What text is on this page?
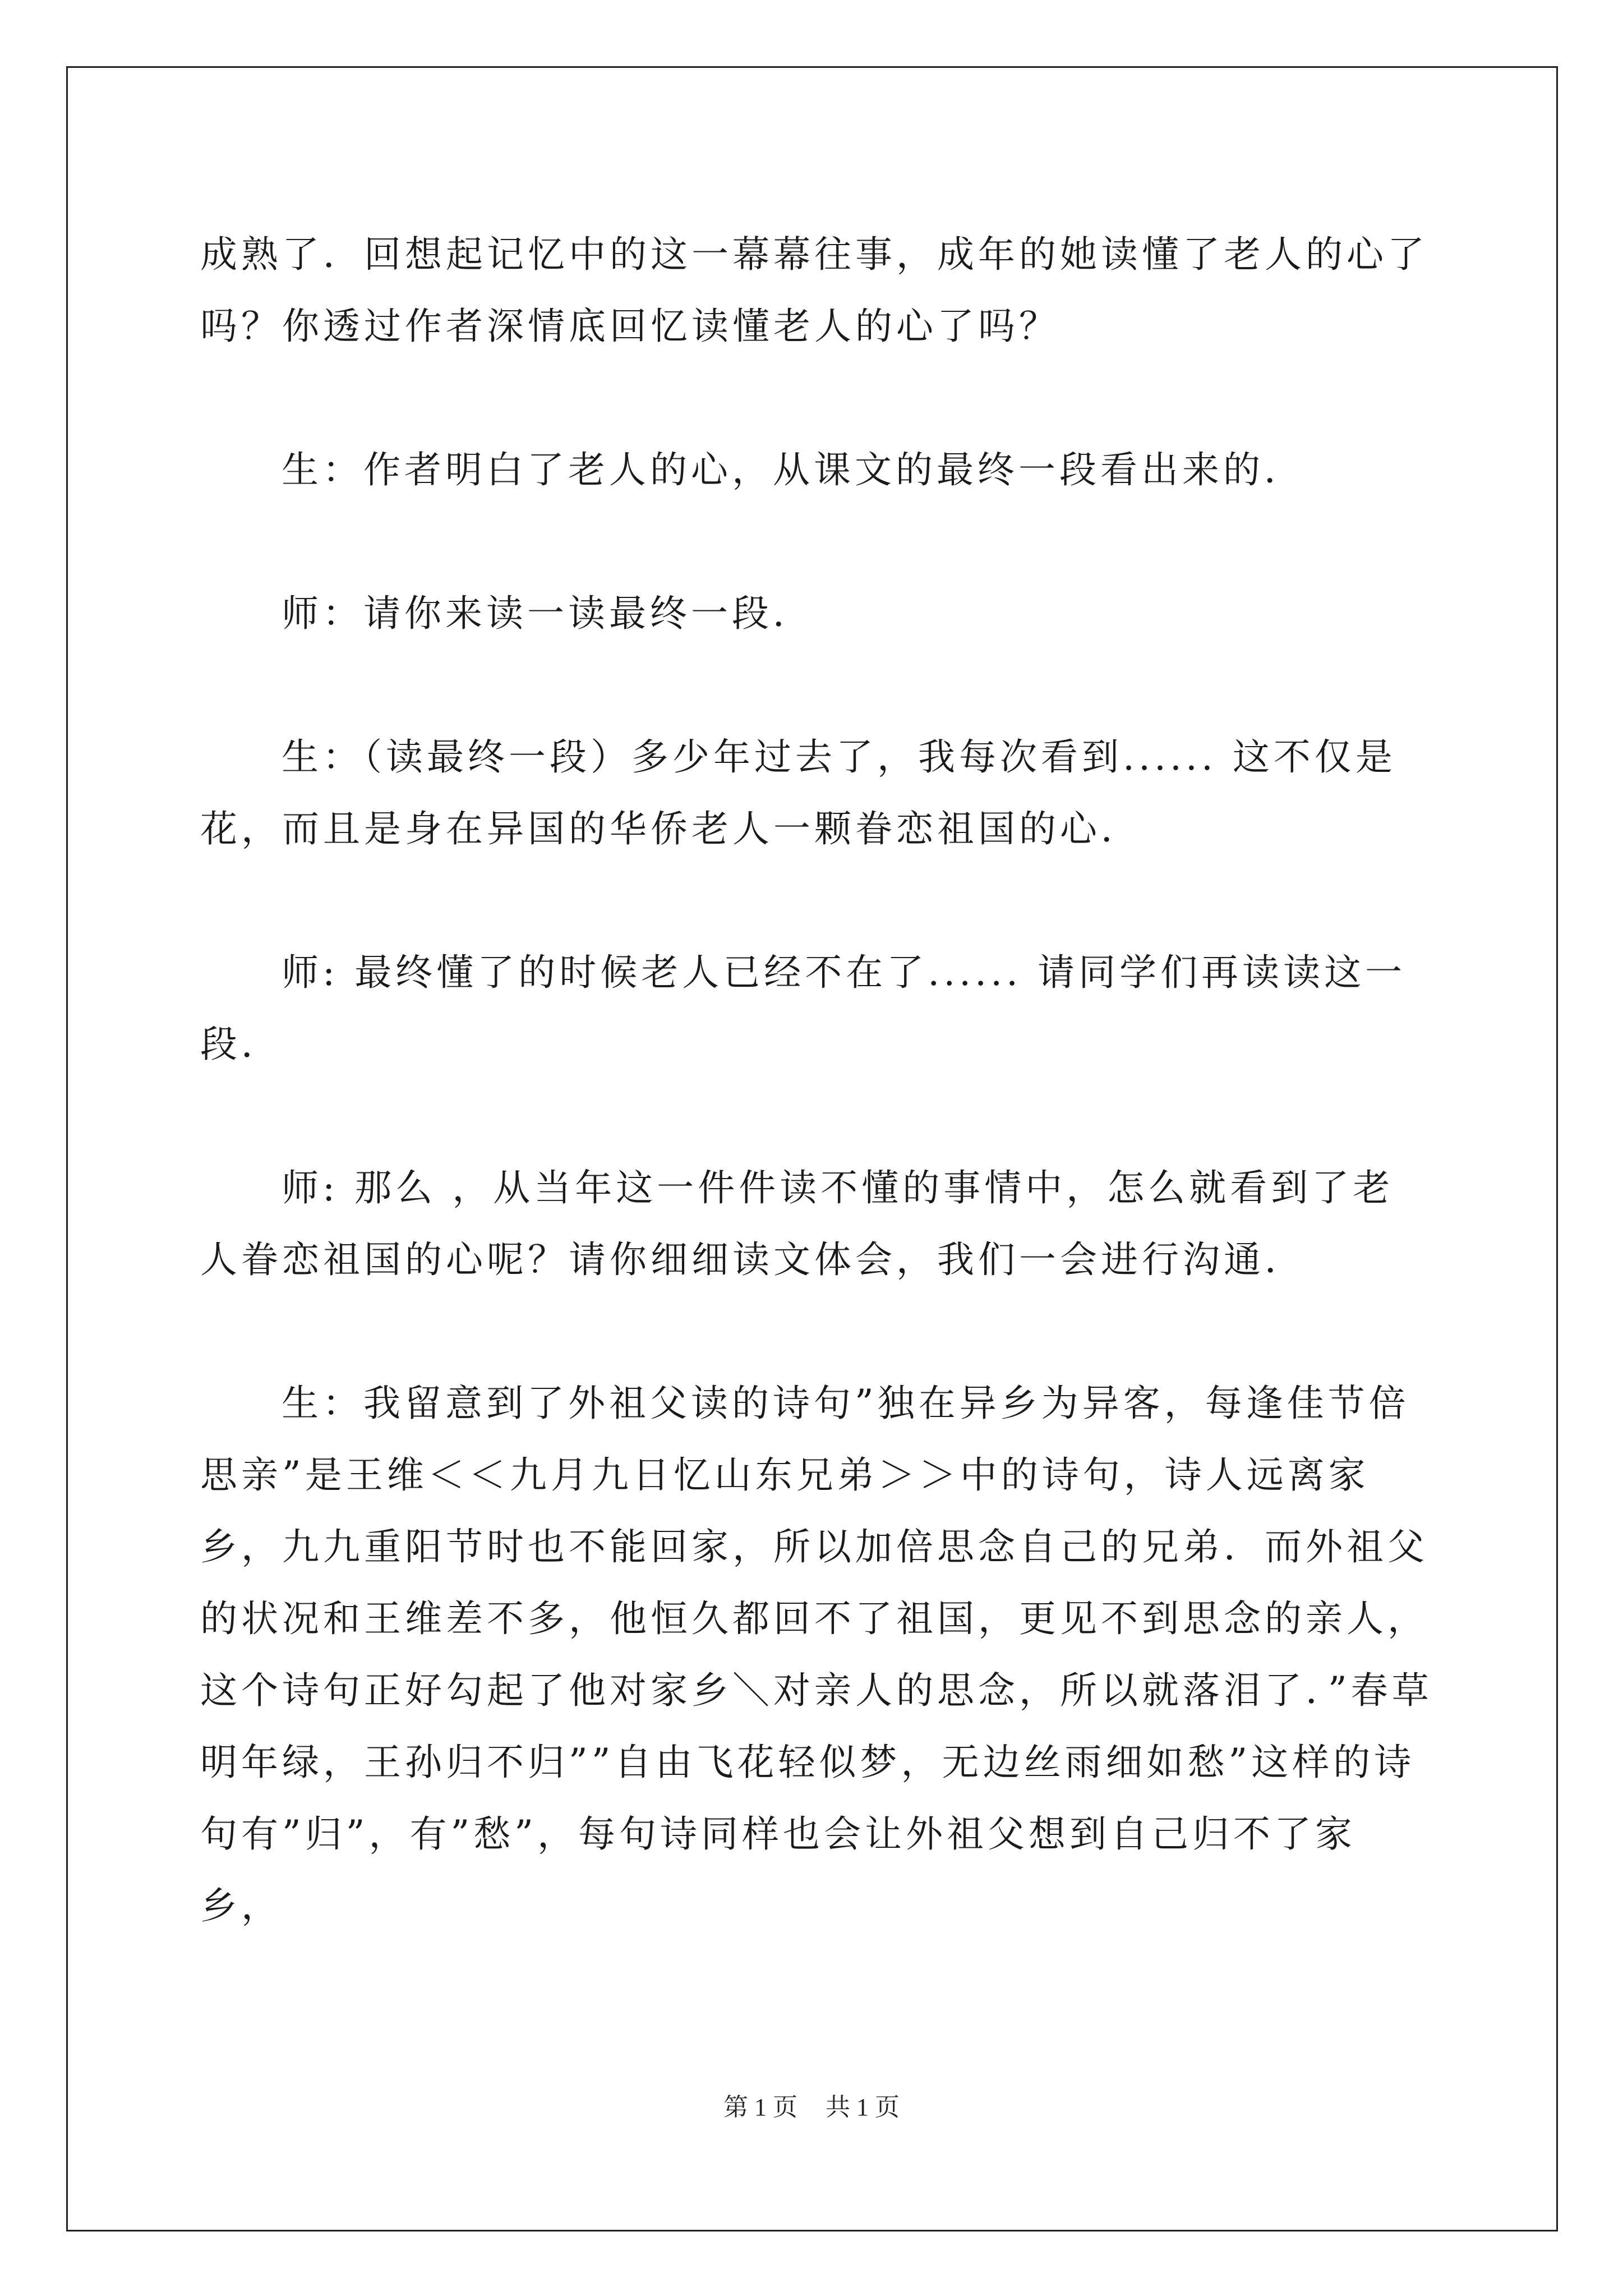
成熟了．回想起记忆中的这一幕幕往事，成年的她读懂了老人的心了吗？你透过作者深情底回忆读懂老人的心了吗？

生：作者明白了老人的心，从课文的最终一段看出来的．

师：请你来读一读最终一段．

生：（读最终一段）多少年过去了，我每次看到...... 这不仅是花，而且是身在异国的华侨老人一颗眷恋祖国的心．

师: 最终懂了的时候老人已经不在了...... 请同学们再读读这一段．

师: 那么 ，从当年这一件件读不懂的事情中，怎么就看到了老人眷恋祖国的心呢？请你细细读文体会，我们一会进行沟通．

生：我留意到了外祖父读的诗句”独在异乡为异客，每逢佳节倍思亲”是王维＜＜九月九日忆山东兄弟＞＞中的诗句，诗人远离家乡，九九重阳节时也不能回家，所以加倍思念自己的兄弟．而外祖父的状况和王维差不多，他恒久都回不了祖国，更见不到思念的亲人，这个诗句正好勾起了他对家乡＼对亲人的思念，所以就落泪了．”春草明年绿，王孙归不归””自由飞花轻似梦，无边丝雨细如愁”这样的诗句有”归”，有”愁”，每句诗同样也会让外祖父想到自己归不了家乡，

第 1 页 共 1 页
